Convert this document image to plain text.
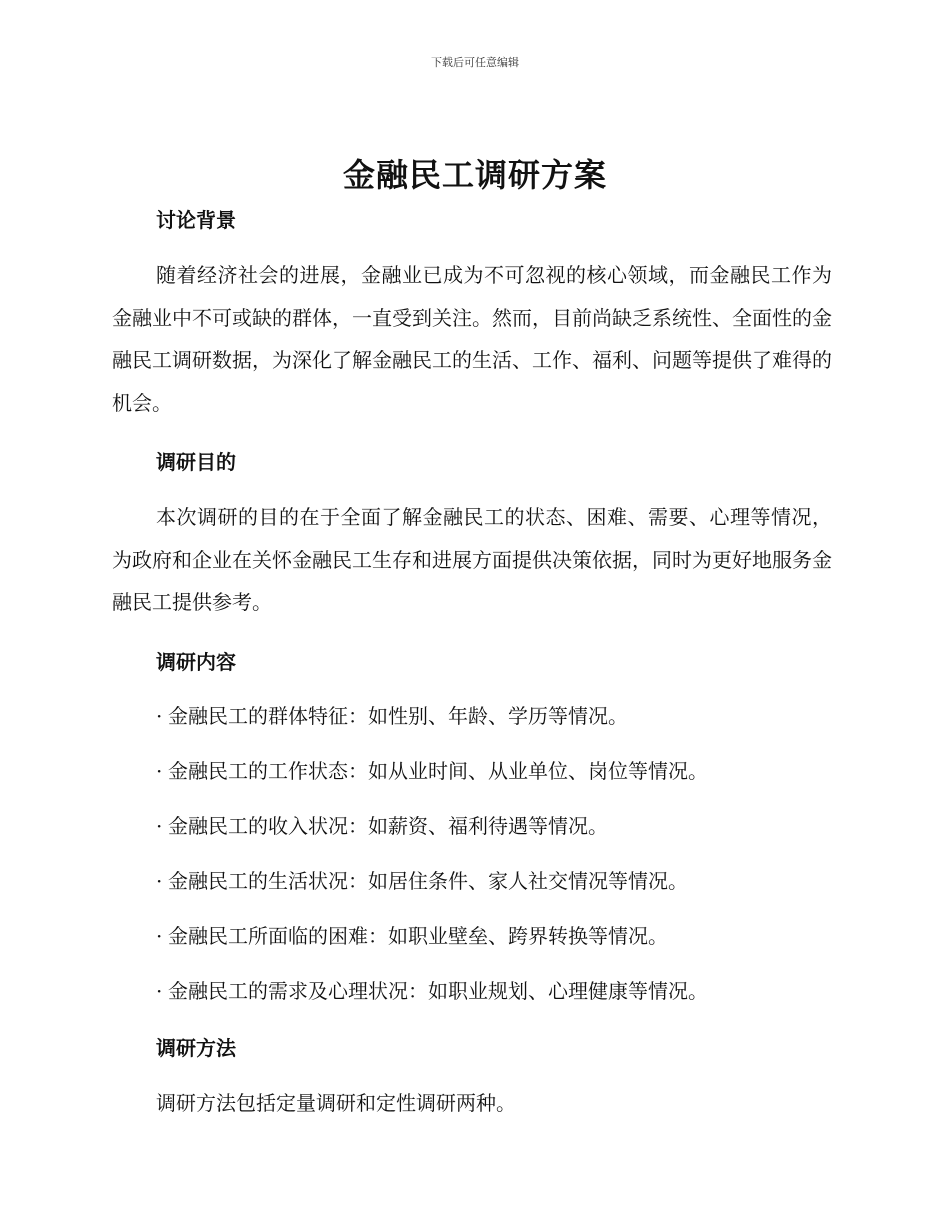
下载后可任意编辑
金融民工调研方案
讨论背景

随着经济社会的进展，金融业已成为不可忽视的核心领域，而金融民工作为金融业中不可或缺的群体，一直受到关注。然而，目前尚缺乏系统性、全面性的金融民工调研数据，为深化了解金融民工的生活、工作、福利、问题等提供了难得的机会。

调研目的

本次调研的目的在于全面了解金融民工的状态、困难、需要、心理等情况，为政府和企业在关怀金融民工生存和进展方面提供决策依据，同时为更好地服务金融民工提供参考。

调研内容
· 金融民工的群体特征：如性别、年龄、学历等情况。
· 金融民工的工作状态：如从业时间、从业单位、岗位等情况。
· 金融民工的收入状况：如薪资、福利待遇等情况。
· 金融民工的生活状况：如居住条件、家人社交情况等情况。
· 金融民工所面临的困难：如职业壁垒、跨界转换等情况。
· 金融民工的需求及心理状况：如职业规划、心理健康等情况。
调研方法

调研方法包括定量调研和定性调研两种。
